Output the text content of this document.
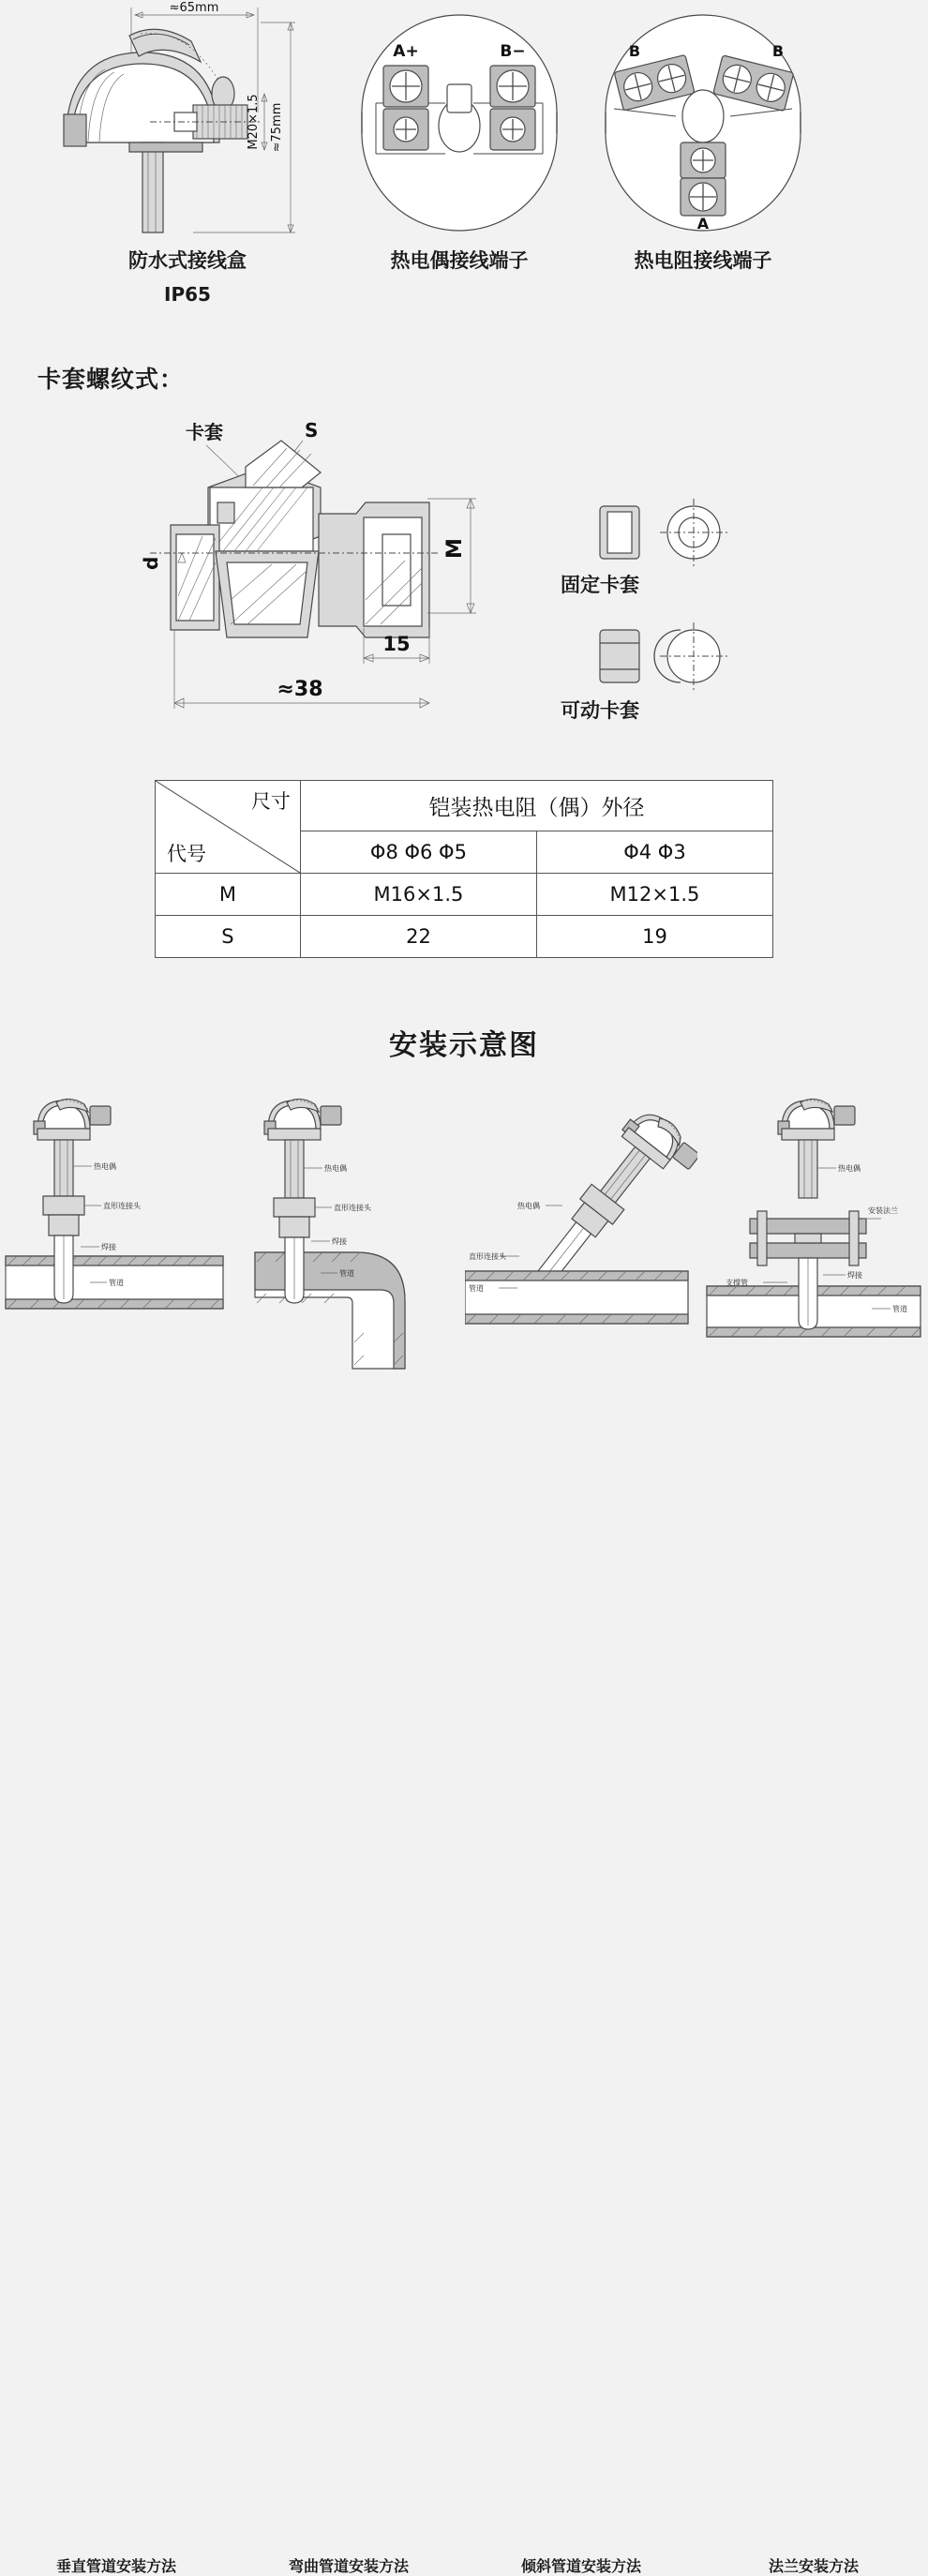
≈65mm
≈75mm
M20×1.5
防水式接线盒
IP65
A+	B−
热电偶接线端子
B	B
A
热电阻接线端子
卡套螺纹式：
卡套	S
d
M
15
≈38
固定卡套
可动卡套
尺寸
代号	铠装热电阻（偶）外径	
	Φ8 Φ6 Φ5	Φ4 Φ3
M	M16×1.5	M12×1.5
S	22	19
安装示意图
热电偶
直形连接头
焊接
管道
垂直管道安装方法
热电偶
直形连接头
焊接
管道
弯曲管道安装方法
热电偶
直形连接头
管道
倾斜管道安装方法
热电偶
安装法兰
焊接
支撑管
管道
法兰安装方法
